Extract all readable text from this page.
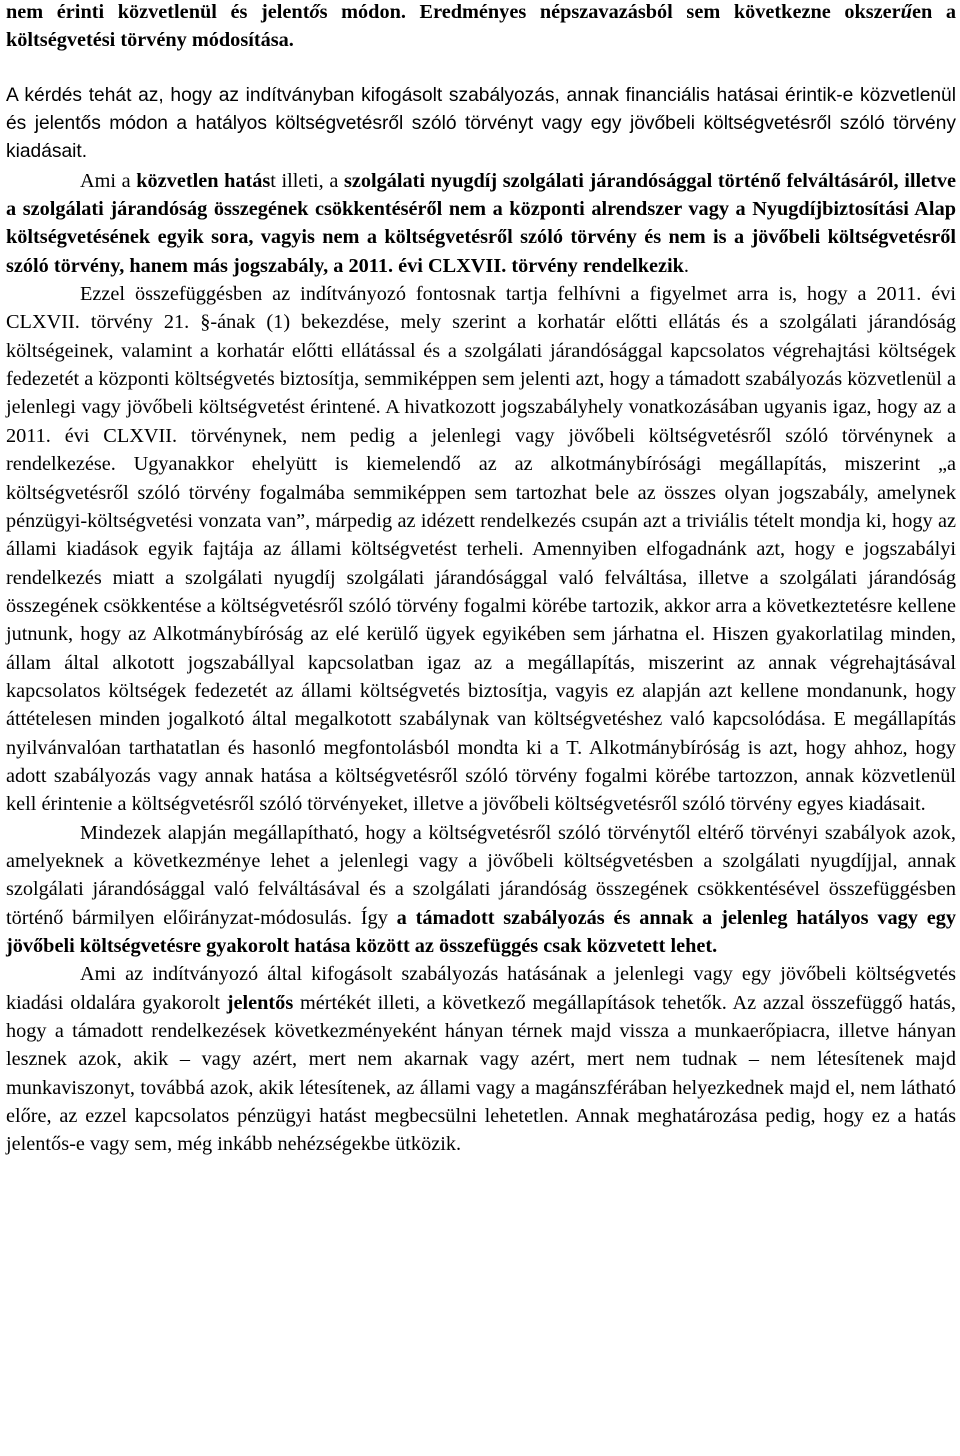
nem érinti közvetlenül és jelentős módon. Eredményes népszavazásból sem következne okszerűen a költségvetési törvény módosítása.

A kérdés tehát az, hogy az indítványban kifogásolt szabályozás, annak financiális hatásai érintik-e közvetlenül és jelentős módon a hatályos költségvetésről szóló törvényt vagy egy jövőbeli költségvetésről szóló törvény kiadásait.

Ami a közvetlen hatást illeti, a szolgálati nyugdíj szolgálati járandósággal történő felváltásáról, illetve a szolgálati járandóság összegének csökkentéséről nem a központi alrendszer vagy a Nyugdíjbiztosítási Alap költségvetésének egyik sora, vagyis nem a költségvetésről szóló törvény és nem is a jövőbeli költségvetésről szóló törvény, hanem más jogszabály, a 2011. évi CLXVII. törvény rendelkezik.

Ezzel összefüggésben az indítványozó fontosnak tartja felhívni a figyelmet arra is, hogy a 2011. évi CLXVII. törvény 21. §-ának (1) bekezdése, mely szerint a korhatár előtti ellátás és a szolgálati járandóság költségeinek, valamint a korhatár előtti ellátással és a szolgálati járandósággal kapcsolatos végrehajtási költségek fedezetét a központi költségvetés biztosítja, semmiképpen sem jelenti azt, hogy a támadott szabályozás közvetlenül a jelenlegi vagy jövőbeli költségvetést érintené. A hivatkozott jogszabályhely vonatkozásában ugyanis igaz, hogy az a 2011. évi CLXVII. törvénynek, nem pedig a jelenlegi vagy jövőbeli költségvetésről szóló törvénynek a rendelkezése. Ugyanakkor ehelyütt is kiemelendő az az alkotmánybírósági megállapítás, miszerint „a költségvetésről szóló törvény fogalmába semmiképpen sem tartozhat bele az összes olyan jogszabály, amelynek pénzügyi-költségvetési vonzata van”, márpedig az idézett rendelkezés csupán azt a triviális tételt mondja ki, hogy az állami kiadások egyik fajtája az állami költségvetést terheli. Amennyiben elfogadnánk azt, hogy e jogszabályi rendelkezés miatt a szolgálati nyugdíj szolgálati járandósággal való felváltása, illetve a szolgálati járandóság összegének csökkentése a költségvetésről szóló törvény fogalmi körébe tartozik, akkor arra a következtetésre kellene jutnunk, hogy az Alkotmánybíróság az elé kerülő ügyek egyikében sem járhatna el. Hiszen gyakorlatilag minden, állam által alkotott jogszabállyal kapcsolatban igaz az a megállapítás, miszerint az annak végrehajtásával kapcsolatos költségek fedezetét az állami költségvetés biztosítja, vagyis ez alapján azt kellene mondanunk, hogy áttételesen minden jogalkotó által megalkotott szabálynak van költségvetéshez való kapcsolódása. E megállapítás nyilvánvalóan tarthatatlan és hasonló megfontolásból mondta ki a T. Alkotmánybíróság is azt, hogy ahhoz, hogy adott szabályozás vagy annak hatása a költségvetésről szóló törvény fogalmi körébe tartozzon, annak közvetlenül kell érintenie a költségvetésről szóló törvényeket, illetve a jövőbeli költségvetésről szóló törvény egyes kiadásait.

Mindezek alapján megállapítható, hogy a költségvetésről szóló törvénytől eltérő törvényi szabályok azok, amelyeknek a következménye lehet a jelenlegi vagy a jövőbeli költségvetésben a szolgálati nyugdíjjal, annak szolgálati járandósággal való felváltásával és a szolgálati járandóság összegének csökkentésével összefüggésben történő bármilyen előirányzat-módosulás. Így a támadott szabályozás és annak a jelenleg hatályos vagy egy jövőbeli költségvetésre gyakorolt hatása között az összefüggés csak közvetett lehet.

Ami az indítványozó által kifogásolt szabályozás hatásának a jelenlegi vagy egy jövőbeli költségvetés kiadási oldalára gyakorolt jelentős mértékét illeti, a következő megállapítások tehetők. Az azzal összefüggő hatás, hogy a támadott rendelkezések következményeként hányan térnek majd vissza a munkaerőpiacra, illetve hányan lesznek azok, akik – vagy azért, mert nem akarnak vagy azért, mert nem tudnak – nem létesítenek majd munkaviszonyt, továbbá azok, akik létesítenek, az állami vagy a magánszférában helyezkednek majd el, nem látható előre, az ezzel kapcsolatos pénzügyi hatást megbecsülni lehetetlen. Annak meghatározása pedig, hogy ez a hatás jelentős-e vagy sem, még inkább nehézségekbe ütközik.
